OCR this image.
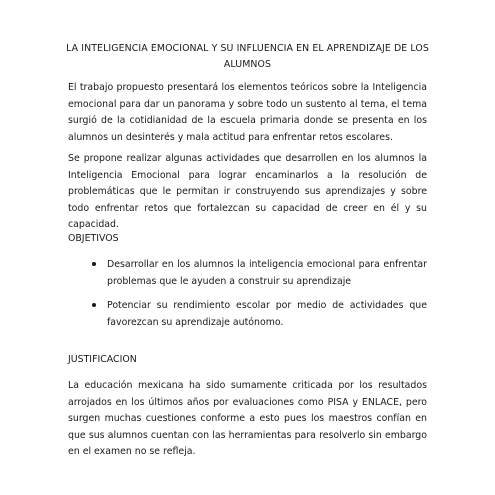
LA INTELIGENCIA EMOCIONAL Y SU INFLUENCIA EN EL APRENDIZAJE DE LOS ALUMNOS

El trabajo propuesto presentará los elementos teóricos sobre la Inteligencia emocional para dar un panorama y sobre todo un sustento al tema, el tema surgió de la cotidianidad de la escuela primaria donde se presenta en los alumnos un desinterés y mala actitud para enfrentar retos escolares.

Se propone realizar algunas actividades que desarrollen en los alumnos la Inteligencia Emocional para lograr encaminarlos a la resolución de problemáticas que le permitan ir construyendo sus aprendizajes y sobre todo enfrentar retos que fortalezcan su capacidad de creer en él y su capacidad.

OBJETIVOS

Desarrollar en los alumnos la inteligencia emocional para enfrentar problemas que le ayuden a construir su aprendizaje

Potenciar su rendimiento escolar por medio de actividades que favorezcan su aprendizaje autónomo.

JUSTIFICACION

La educación mexicana ha sido sumamente criticada por los resultados arrojados en los últimos años por evaluaciones como PISA y ENLACE, pero surgen muchas cuestiones conforme a esto pues los maestros confían en que sus alumnos cuentan con las herramientas para resolverlo sin embargo en el examen no se refleja.
